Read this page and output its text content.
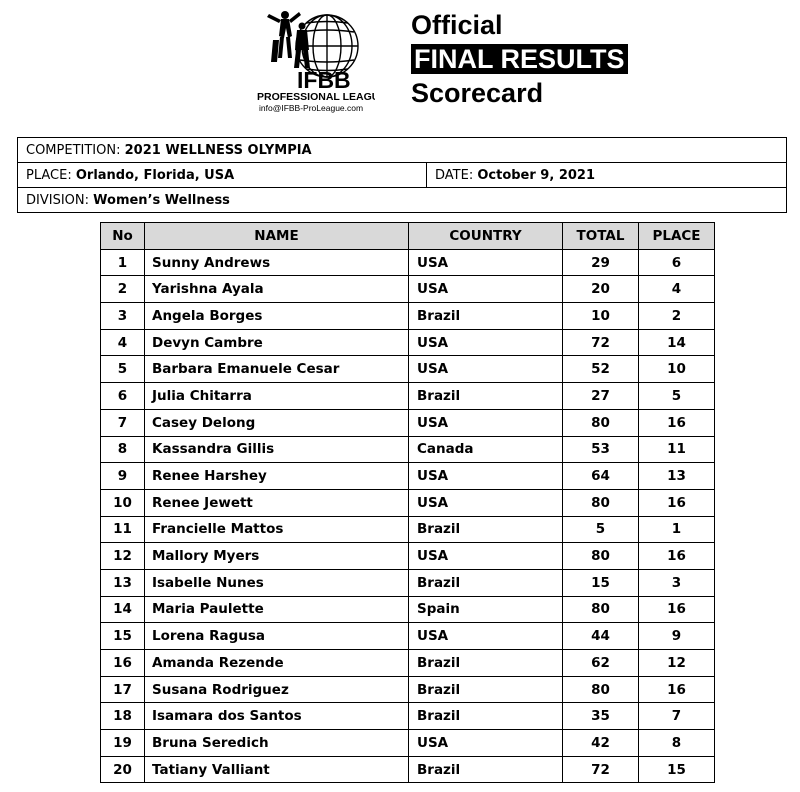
IFBB
PROFESSIONAL LEAGUE
info@IFBB-ProLeague.com
Official
FINAL RESULTS
Scorecard
COMPETITION: 2021 WELLNESS OLYMPIA
PLACE: Orlando, Florida, USA	DATE: October 9, 2021
DIVISION: Women’s Wellness
No	NAME	COUNTRY	TOTAL	PLACE
1	Sunny Andrews	USA	29	6
2	Yarishna Ayala	USA	20	4
3	Angela Borges	Brazil	10	2
4	Devyn Cambre	USA	72	14
5	Barbara Emanuele Cesar	USA	52	10
6	Julia Chitarra	Brazil	27	5
7	Casey Delong	USA	80	16
8	Kassandra Gillis	Canada	53	11
9	Renee Harshey	USA	64	13
10	Renee Jewett	USA	80	16
11	Francielle Mattos	Brazil	5	1
12	Mallory Myers	USA	80	16
13	Isabelle Nunes	Brazil	15	3
14	Maria Paulette	Spain	80	16
15	Lorena Ragusa	USA	44	9
16	Amanda Rezende	Brazil	62	12
17	Susana Rodriguez	Brazil	80	16
18	Isamara dos Santos	Brazil	35	7
19	Bruna Seredich	USA	42	8
20	Tatiany Valliant	Brazil	72	15
